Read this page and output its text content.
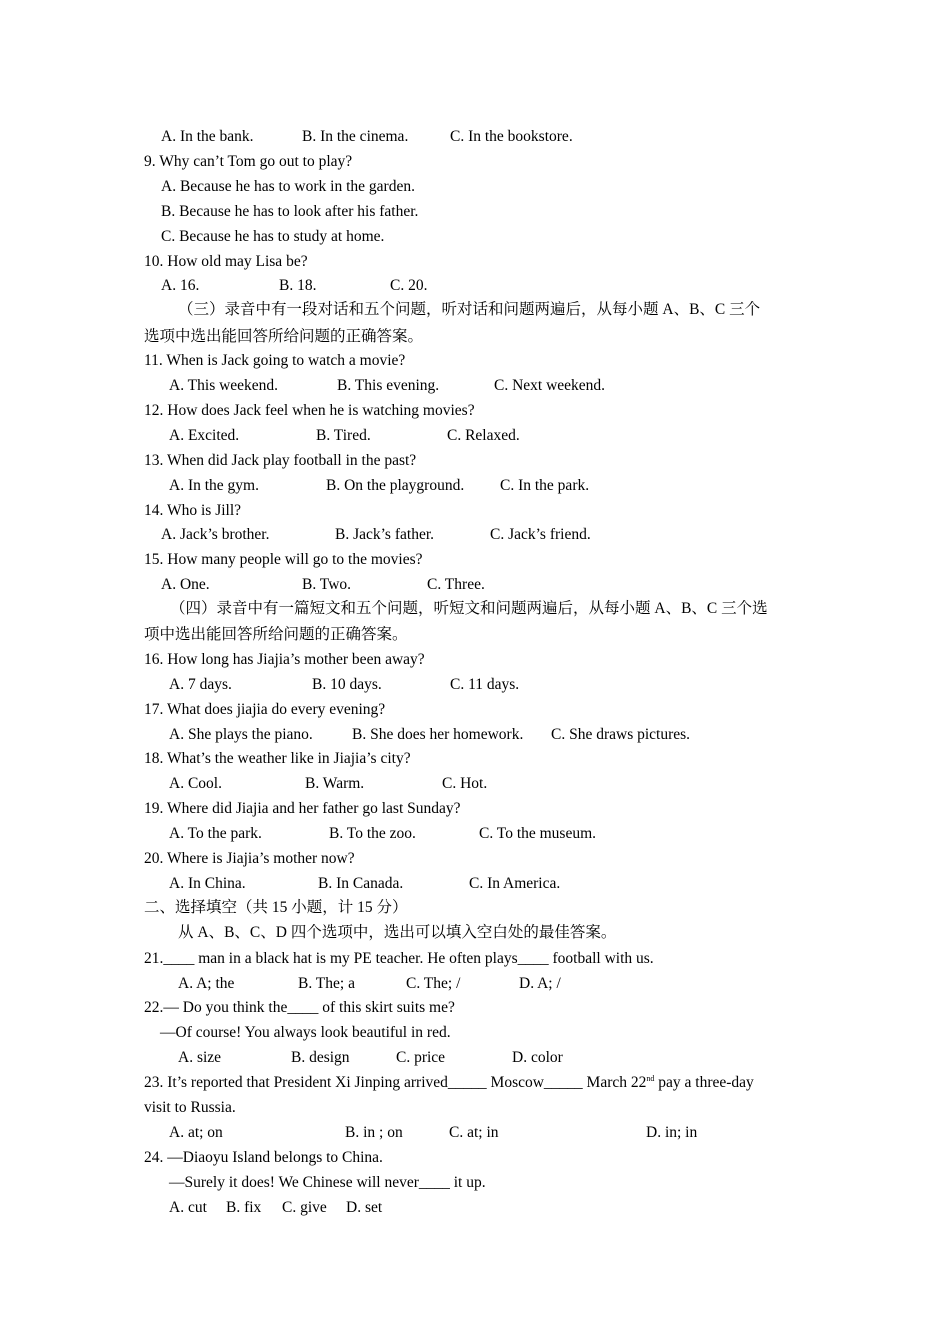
A. In the bank.	B. In the cinema.	C. In the bookstore.
9. Why can’t Tom go out to play?
A. Because he has to work in the garden.
B. Because he has to look after his father.
C. Because he has to study at home.
10. How old may Lisa be?
A. 16.	B. 18.	C. 20.
（三）录音中有一段对话和五个问题，听对话和问题两遍后，从每小题 A、B、C 三个
选项中选出能回答所给问题的正确答案。
11. When is Jack going to watch a movie?
A. This weekend.	B. This evening.	C. Next weekend.
12. How does Jack feel when he is watching movies?
A. Excited.	B. Tired.	C. Relaxed.
13. When did Jack play football in the past?
A. In the gym.	B. On the playground. C. In the park.
14. Who is Jill?
A. Jack’s brother.	B. Jack’s father.	C. Jack’s friend.
15. How many people will go to the movies?
A. One.	B. Two.	C. Three.
（四）录音中有一篇短文和五个问题，听短文和问题两遍后，从每小题 A、B、C 三个选
项中选出能回答所给问题的正确答案。
16. How long has Jiajia’s mother been away?
A. 7 days.	B. 10 days.	C. 11 days.
17. What does jiajia do every evening?
A. She plays the piano.	B. She does her homework. C. She draws pictures.
18. What’s the weather like in Jiajia’s city?
A. Cool.	B. Warm.	C. Hot.
19. Where did Jiajia and her father go last Sunday?
A. To the park.	B. To the zoo.	C. To the museum.
20. Where is Jiajia’s mother now?
A. In China.	B. In Canada.	C. In America.
二、选择填空（共 15 小题，计 15 分）
从 A、B、C、D 四个选项中，选出可以填入空白处的最佳答案。
21.____ man in a black hat is my PE teacher. He often plays____ football with us.
A. A; the	B. The; a	C. The; /	D. A; /
22.— Do you think the____ of this skirt suits me?
—Of course! You always look beautiful in red.
A. size	B. design	C. price	D. color
23. It’s reported that President Xi Jinping arrived_____ Moscow_____ March 22nd pay a three-day
visit to Russia.
A. at; on	B. in ; on	C. at; in	D. in; in
24. —Diaoyu Island belongs to China.
—Surely it does! We Chinese will never____ it up.
A. cut B. fix C. give D. set
